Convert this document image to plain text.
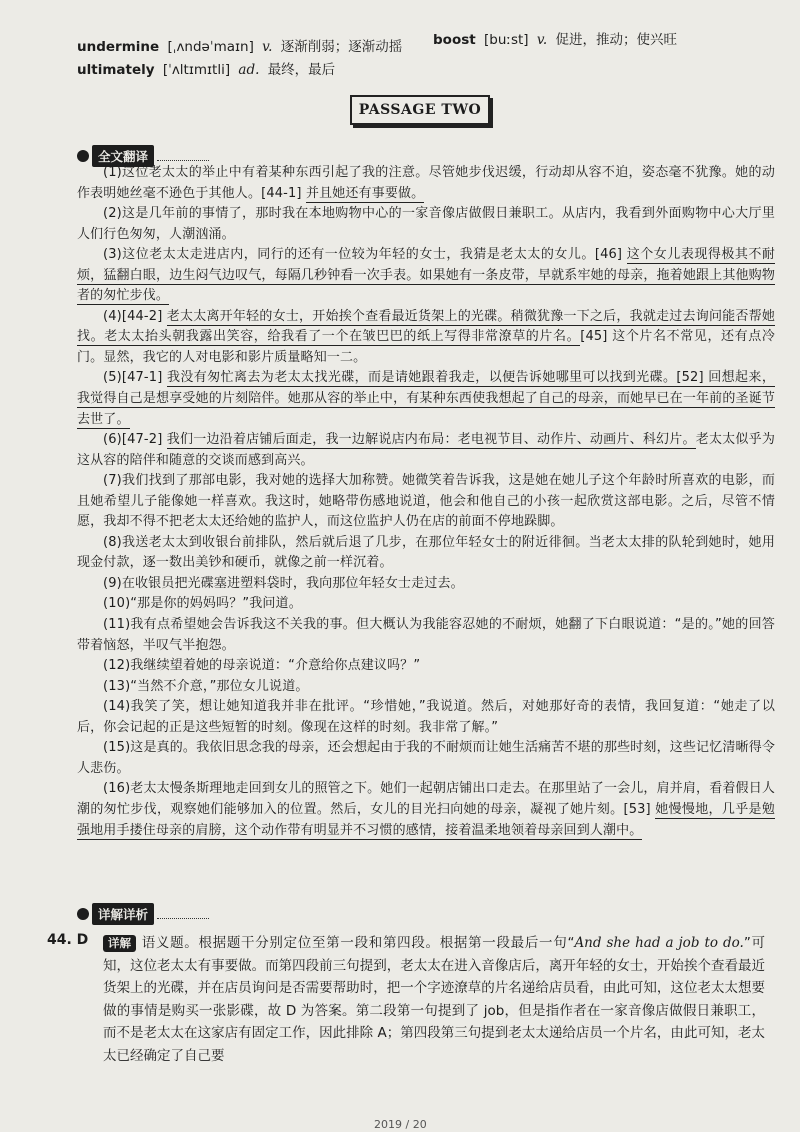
undermine [ˌʌndəˈmaɪn] v. 逐渐削弱；逐渐动摇
ultimately [ˈʌltɪmɪtli] ad. 最终，最后
boost [buːst] v. 促进，推动；使兴旺
PASSAGE TWO
全文翻译

(1)这位老太太的举止中有着某种东西引起了我的注意。尽管她步伐迟缓，行动却从容不迫，姿态毫不犹豫。她的动作表明她丝毫不逊色于其他人。[44-1] 并且她还有事要做。

(2)这是几年前的事情了，那时我在本地购物中心的一家音像店做假日兼职工。从店内，我看到外面购物中心大厅里人们行色匆匆，人潮汹涌。

(3)这位老太太走进店内，同行的还有一位较为年轻的女士，我猜是老太太的女儿。[46] 这个女儿表现得极其不耐烦，猛翻白眼，边生闷气边叹气，每隔几秒钟看一次手表。如果她有一条皮带，早就系牢她的母亲，拖着她跟上其他购物者的匆忙步伐。

(4)[44-2] 老太太离开年轻的女士，开始挨个查看最近货架上的光碟。稍微犹豫一下之后，我就走过去询问能否帮她找。老太太抬头朝我露出笑容，给我看了一个在皱巴巴的纸上写得非常潦草的片名。[45] 这个片名不常见，还有点冷门。显然，我它的人对电影和影片质量略知一二。

(5)[47-1] 我没有匆忙离去为老太太找光碟，而是请她跟着我走，以便告诉她哪里可以找到光碟。[52] 回想起来，我觉得自己是想享受她的片刻陪伴。她那从容的举止中，有某种东西使我想起了自己的母亲，而她早已在一年前的圣诞节去世了。

(6)[47-2] 我们一边沿着店铺后面走，我一边解说店内布局：老电视节目、动作片、动画片、科幻片。老太太似乎为这从容的陪伴和随意的交谈而感到高兴。

(7)我们找到了那部电影，我对她的选择大加称赞。她微笑着告诉我，这是她在她儿子这个年龄时所喜欢的电影，而且她希望儿子能像她一样喜欢。我这时，她略带伤感地说道，他会和他自己的小孩一起欣赏这部电影。之后，尽管不情愿，我却不得不把老太太还给她的监护人，而这位监护人仍在店的前面不停地跺脚。

(8)我送老太太到收银台前排队，然后就后退了几步，在那位年轻女士的附近徘徊。当老太太排的队轮到她时，她用现金付款，逐一数出美钞和硬币，就像之前一样沉着。

(9)在收银员把光碟塞进塑料袋时，我向那位年轻女士走过去。

(10)“那是你的妈妈吗？”我问道。

(11)我有点希望她会告诉我这不关我的事。但大概认为我能容忍她的不耐烦，她翻了下白眼说道：“是的。”她的回答带着恼怒，半叹气半抱怨。

(12)我继续望着她的母亲说道：“介意给你点建议吗？”

(13)“当然不介意，”那位女儿说道。

(14)我笑了笑，想让她知道我并非在批评。“珍惜她，”我说道。然后，对她那好奇的表情，我回复道：“她走了以后，你会记起的正是这些短暂的时刻。像现在这样的时刻。我非常了解。”

(15)这是真的。我依旧思念我的母亲，还会想起由于我的不耐烦而让她生活痛苦不堪的那些时刻，这些记忆清晰得令人悲伤。

(16)老太太慢条斯理地走回到女儿的照管之下。她们一起朝店铺出口走去。在那里站了一会儿，肩并肩，看着假日人潮的匆忙步伐，观察她们能够加入的位置。然后，女儿的目光扫向她的母亲，凝视了她片刻。[53] 她慢慢地，几乎是勉强地用手搂住母亲的肩膀，这个动作带有明显并不习惯的感情，接着温柔地领着母亲回到人潮中。

详解详析
44. D	详解 语义题。根据题干分别定位至第一段和第四段。根据第一段最后一句“And she had a job to do.”可知，这位老太太有事要做。而第四段前三句提到，老太太在进入音像店后，离开年轻的女士，开始挨个查看最近货架上的光碟，并在店员询问是否需要帮助时，把一个字迹潦草的片名递给店员看，由此可知，这位老太太想要做的事情是购买一张影碟，故 D 为答案。第二段第一句提到了 job，但是指作者在一家音像店做假日兼职工，而不是老太太在这家店有固定工作，因此排除 A；第四段第三句提到老太太递给店员一个片名，由此可知，老太太已经确定了自己要
2019 / 20
